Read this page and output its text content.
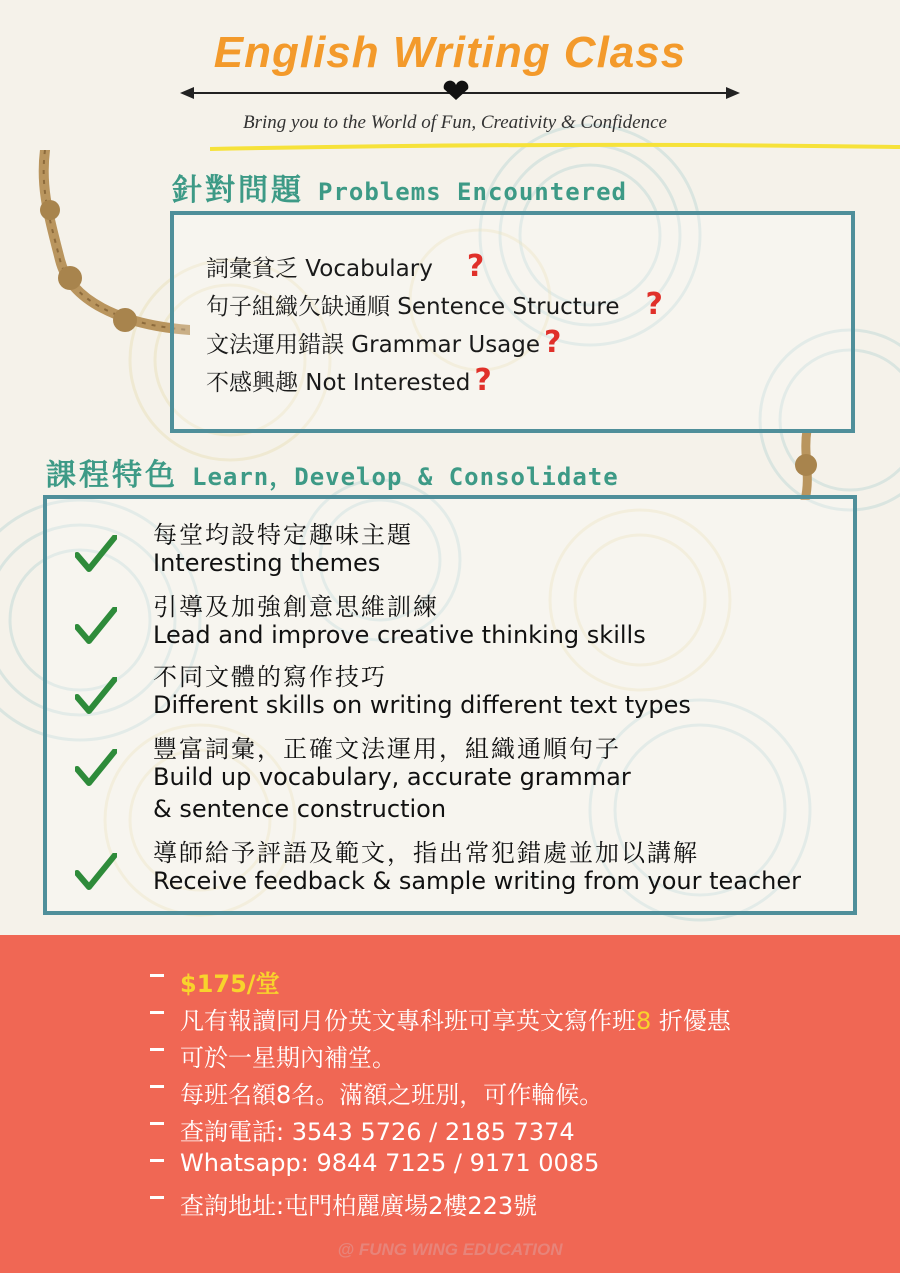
English Writing Class
Bring you to the World of Fun, Creativity & Confidence
針對問題 Problems Encountered
詞彙貧乏 Vocabulary ?
句子組織欠缺通順 Sentence Structure ?
文法運用錯誤 Grammar Usage ?
不感興趣 Not Interested ?
課程特色 Learn，Develop & Consolidate
每堂均設特定趣味主題
Interesting themes
引導及加強創意思維訓練
Lead and improve creative thinking skills
不同文體的寫作技巧
Different skills on writing different text types
豐富詞彙，正確文法運用，組織通順句子
Build up vocabulary, accurate grammar
& sentence construction
導師給予評語及範文，指出常犯錯處並加以講解
Receive feedback & sample writing from your teacher
$175/堂
凡有報讀同月份英文專科班可享英文寫作班8 折優惠
可於一星期內補堂。
每班名額8名。滿額之班別，可作輪候。
查詢電話: 3543 5726 / 2185 7374
Whatsapp: 9844 7125 / 9171 0085
查詢地址:屯門柏麗廣場2樓223號
@ FUNG WING EDUCATION
